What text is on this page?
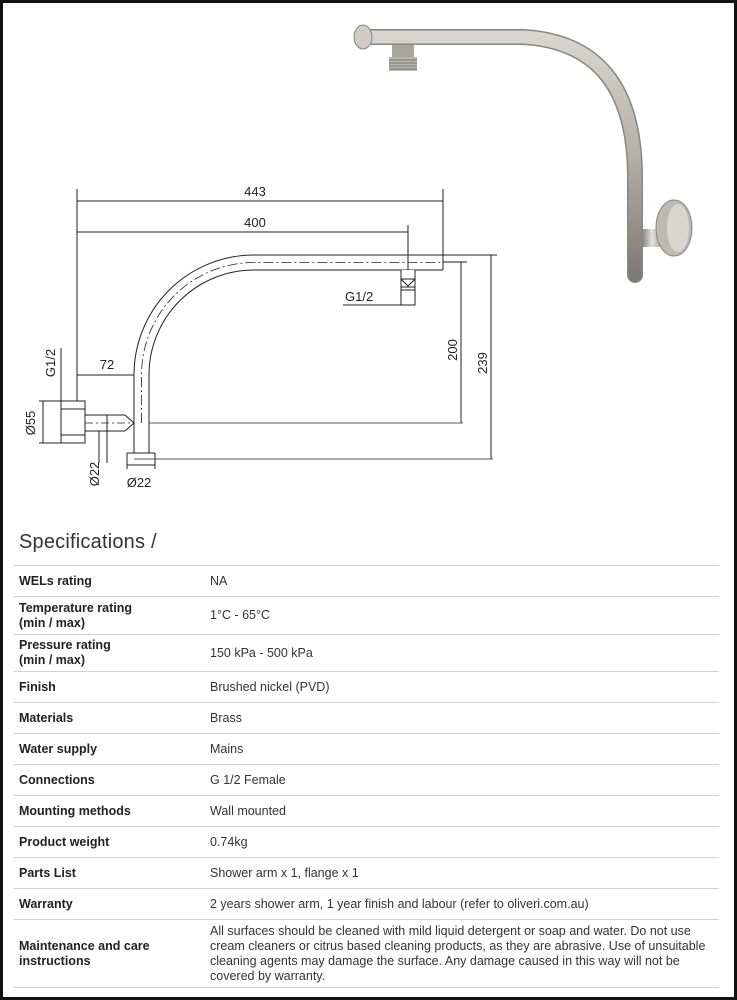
443
400
G1/2
200
239
72
G1/2
Ø55
Ø22 Ø22
Specifications /
WELs rating	NA
Temperature rating
(min / max)	1°C - 65°C
Pressure rating
(min / max)	150 kPa - 500 kPa
Finish	Brushed nickel (PVD)
Materials	Brass
Water supply	Mains
Connections	G 1/2 Female
Mounting methods	Wall mounted
Product weight	0.74kg
Parts List	Shower arm x 1, flange x 1
Warranty	2 years shower arm, 1 year finish and labour (refer to oliveri.com.au)
Maintenance and care
instructions	All surfaces should be cleaned with mild liquid detergent or soap and water. Do not use cream cleaners or citrus based cleaning products, as they are abrasive. Use of unsuitable cleaning agents may damage the surface. Any damage caused in this way will not be covered by warranty.
